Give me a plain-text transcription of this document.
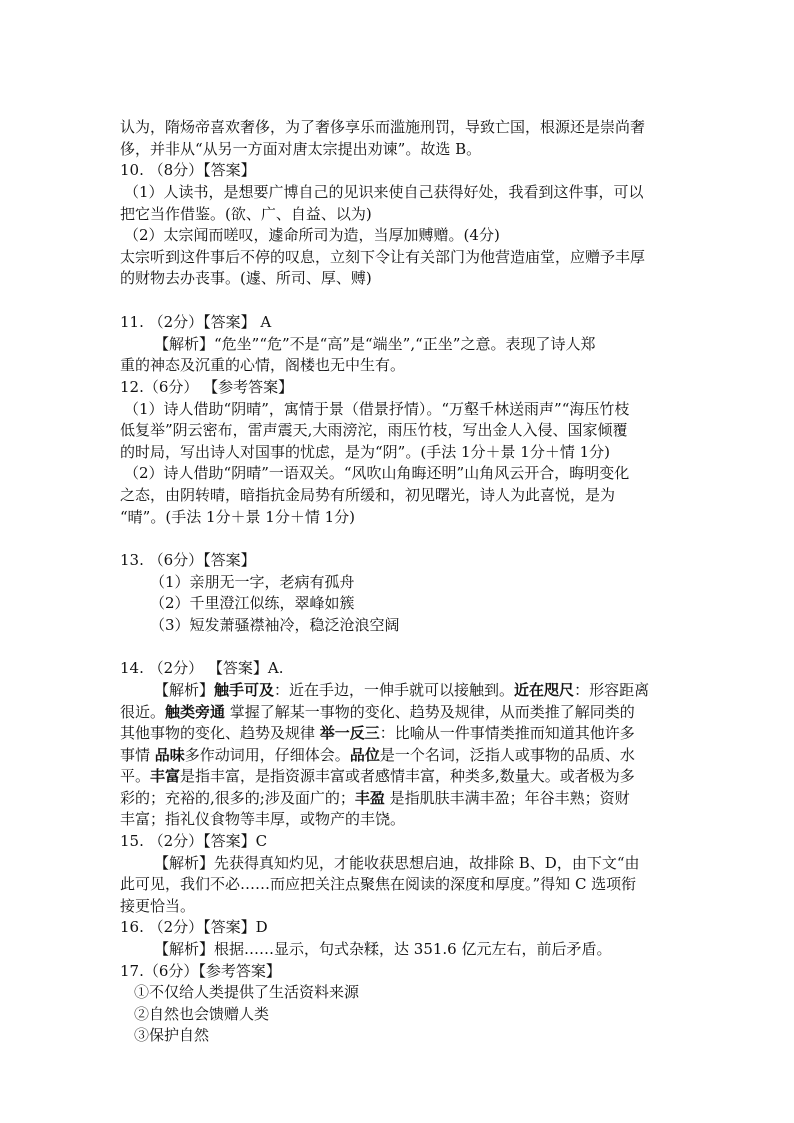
认为，隋炀帝喜欢奢侈，为了奢侈享乐而滥施刑罚，导致亡国，根源还是崇尚奢
侈，并非从“从另一方面对唐太宗提出劝谏”。故选 B。
10. （8分）【答案】
（1）人读书，是想要广博自己的见识来使自己获得好处，我看到这件事，可以
把它当作借鉴。(欲、广、自益、以为)
（2）太宗闻而嗟叹，遽命所司为造，当厚加赙赠。(4分)
太宗听到这件事后不停的叹息，立刻下令让有关部门为他营造庙堂，应赠予丰厚
的财物去办丧事。(遽、所司、厚、赙)
11. （2分）【答案】 A
【解析】“危坐”“危”不是“高”是“端坐”,“正坐”之意。表现了诗人郑
重的神态及沉重的心情，阁楼也无中生有。
12.（6分） 【参考答案】
（1）诗人借助“阴晴”，寓情于景（借景抒情）。“万壑千林送雨声”“海压竹枝
低复举”阴云密布，雷声震天,大雨滂沱，雨压竹枝，写出金人入侵、国家倾覆
的时局，写出诗人对国事的忧虑，是为“阴”。(手法 1分＋景 1分＋情 1分)
（2）诗人借助“阴晴”一语双关。“风吹山角晦还明”山角风云开合，晦明变化
之态，由阴转晴，暗指抗金局势有所缓和，初见曙光，诗人为此喜悦，是为
“晴”。(手法 1分＋景 1分＋情 1分)
13. （6分）【答案】
（1）亲朋无一字，老病有孤舟
（2）千里澄江似练，翠峰如簇
（3）短发萧骚襟袖冷，稳泛沧浪空阔
14. （2分） 【答案】A.
【解析】触手可及：近在手边，一伸手就可以接触到。近在咫尺：形容距离
很近。触类旁通 掌握了解某一事物的变化、趋势及规律，从而类推了解同类的
其他事物的变化、趋势及规律 举一反三：比喻从一件事情类推而知道其他许多
事情 品味多作动词用，仔细体会。品位是一个名词，泛指人或事物的品质、水
平。丰富是指丰富，是指资源丰富或者感情丰富，种类多,数量大。或者极为多
彩的；充裕的,很多的;涉及面广的；丰盈 是指肌肤丰满丰盈；年谷丰熟；资财
丰富；指礼仪食物等丰厚，或物产的丰饶。
15. （2分）【答案】C
【解析】先获得真知灼见，才能收获思想启迪，故排除 B、D，由下文“由
此可见，我们不必……而应把关注点聚焦在阅读的深度和厚度。”得知 C 选项衔
接更恰当。
16. （2分）【答案】D
【解析】根据……显示，句式杂糅，达 351.6 亿元左右，前后矛盾。
17.（6分）【参考答案】
①不仅给人类提供了生活资料来源
②自然也会馈赠人类
③保护自然
